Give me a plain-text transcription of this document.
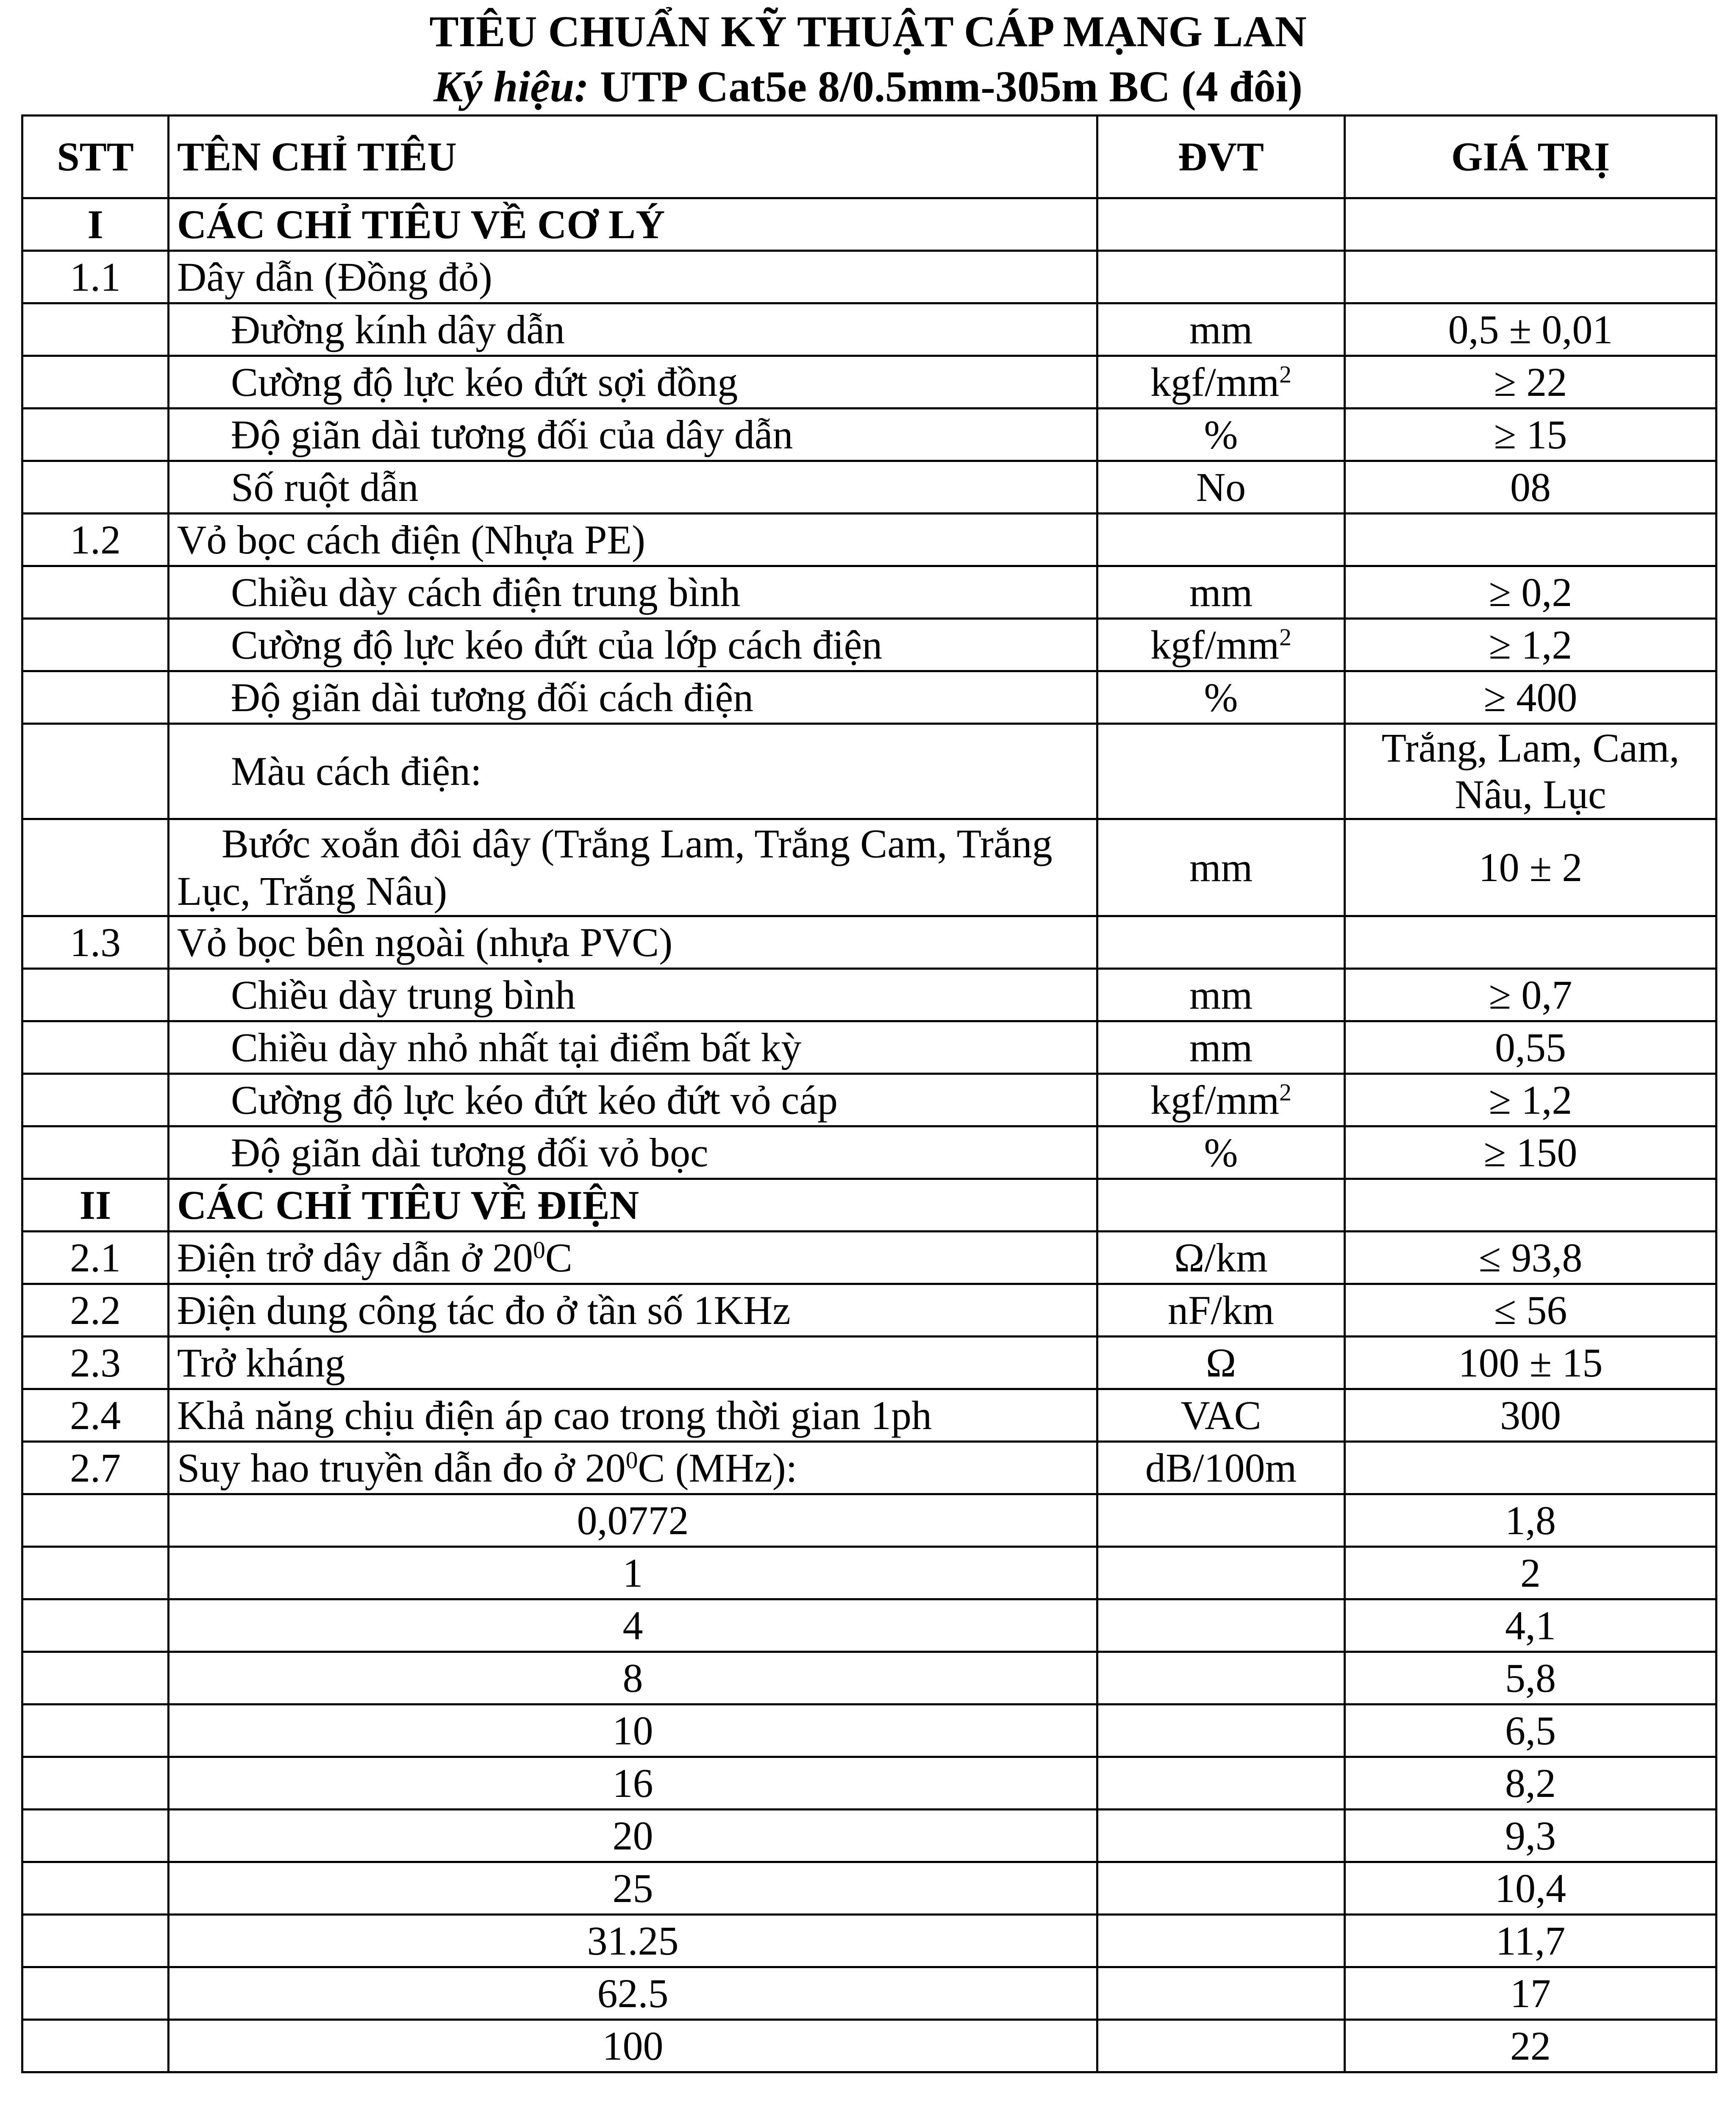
TIÊU CHUẨN KỸ THUẬT CÁP MẠNG LAN
Ký hiệu: UTP Cat5e 8/0.5mm-305m BC (4 đôi)
STT	TÊN CHỈ TIÊU	ĐVT	GIÁ TRỊ
I	CÁC CHỈ TIÊU VỀ CƠ LÝ		
1.1	Dây dẫn (Đồng đỏ)		
	Đường kính dây dẫn	mm	0,5 ± 0,01
	Cường độ lực kéo đứt sợi đồng	kgf/$mm^2$	≥ 22
	Độ giãn dài tương đối của dây dẫn	%	≥ 15
	Số ruột dẫn	No	08
1.2	Vỏ bọc cách điện (Nhựa PE)		
	Chiều dày cách điện trung bình	mm	≥ 0,2
	Cường độ lực kéo đứt của lớp cách điện	kgf/$mm^2$	≥ 1,2
	Độ giãn dài tương đối cách điện	%	≥ 400
	Màu cách điện:		Trắng, Lam, Cam, Nâu, Lục
	Bước xoắn đôi dây (Trắng Lam, Trắng Cam, Trắng Lục, Trắng Nâu)	mm	10 ± 2
1.3	Vỏ bọc bên ngoài (nhựa PVC)		
	Chiều dày trung bình	mm	≥ 0,7
	Chiều dày nhỏ nhất tại điểm bất kỳ	mm	0,55
	Cường độ lực kéo đứt kéo đứt vỏ cáp	kgf/$mm^2$	≥ 1,2
	Độ giãn dài tương đối vỏ bọc	%	≥ 150
II	CÁC CHỈ TIÊU VỀ ĐIỆN		
2.1	Điện trở dây dẫn ở $20^0C$	Ω/km	≤ 93,8
2.2	Điện dung công tác đo ở tần số 1KHz	nF/km	≤ 56
2.3	Trở kháng	Ω	100 ± 15
2.4	Khả năng chịu điện áp cao trong thời gian 1ph	VAC	300
2.7	Suy hao truyền dẫn đo ở $20^0C$ (MHz):	dB/100m	
	0,0772		1,8
	1		2
	4		4,1
	8		5,8
	10		6,5
	16		8,2
	20		9,3
	25		10,4
	31.25		11,7
	62.5		17
	100		22
